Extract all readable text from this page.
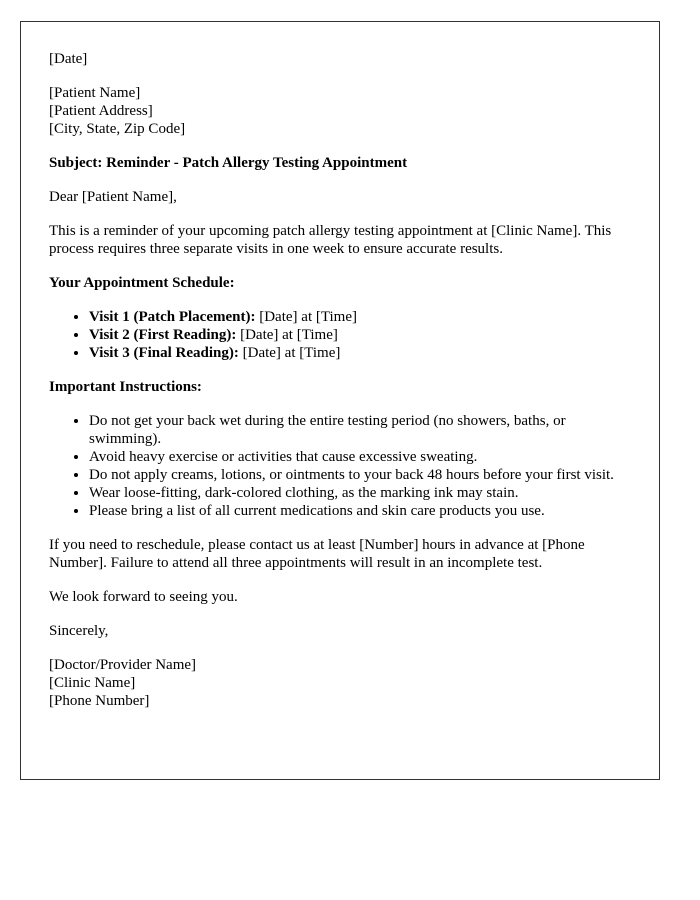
[Date]

[Patient Name]
[Patient Address]
[City, State, Zip Code]

Subject: Reminder - Patch Allergy Testing Appointment

Dear [Patient Name],

This is a reminder of your upcoming patch allergy testing appointment at [Clinic Name]. This process requires three separate visits in one week to ensure accurate results.

Your Appointment Schedule:

• Visit 1 (Patch Placement): [Date] at [Time]
• Visit 2 (First Reading): [Date] at [Time]
• Visit 3 (Final Reading): [Date] at [Time]

Important Instructions:

• Do not get your back wet during the entire testing period (no showers, baths, or swimming).
• Avoid heavy exercise or activities that cause excessive sweating.
• Do not apply creams, lotions, or ointments to your back 48 hours before your first visit.
• Wear loose-fitting, dark-colored clothing, as the marking ink may stain.
• Please bring a list of all current medications and skin care products you use.

If you need to reschedule, please contact us at least [Number] hours in advance at [Phone Number]. Failure to attend all three appointments will result in an incomplete test.

We look forward to seeing you.

Sincerely,

[Doctor/Provider Name]
[Clinic Name]
[Phone Number]
